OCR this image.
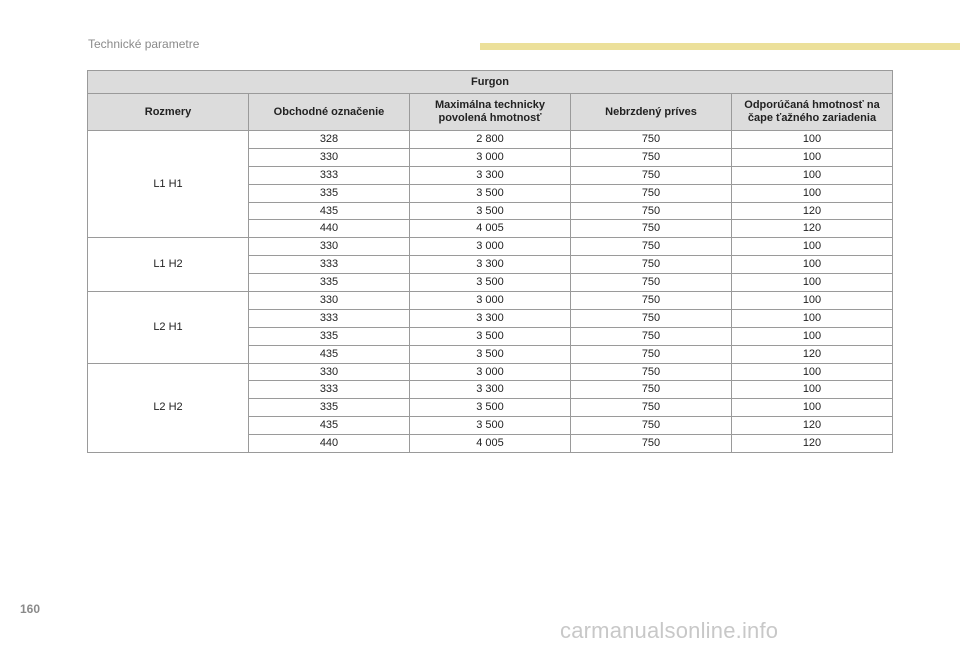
Technické parametre
Furgon				
Rozmery	Obchodné označenie	Maximálna technicky povolená hmotnosť	Nebrzdený príves	Odporúčaná hmotnosť na čape ťažného zariadenia
L1 H1	328	2 800	750	100
	330	3 000	750	100
	333	3 300	750	100
	335	3 500	750	100
	435	3 500	750	120
	440	4 005	750	120
L1 H2	330	3 000	750	100
	333	3 300	750	100
	335	3 500	750	100
L2 H1	330	3 000	750	100
	333	3 300	750	100
	335	3 500	750	100
	435	3 500	750	120
L2 H2	330	3 000	750	100
	333	3 300	750	100
	335	3 500	750	100
	435	3 500	750	120
	440	4 005	750	120
160
carmanualsonline.info
